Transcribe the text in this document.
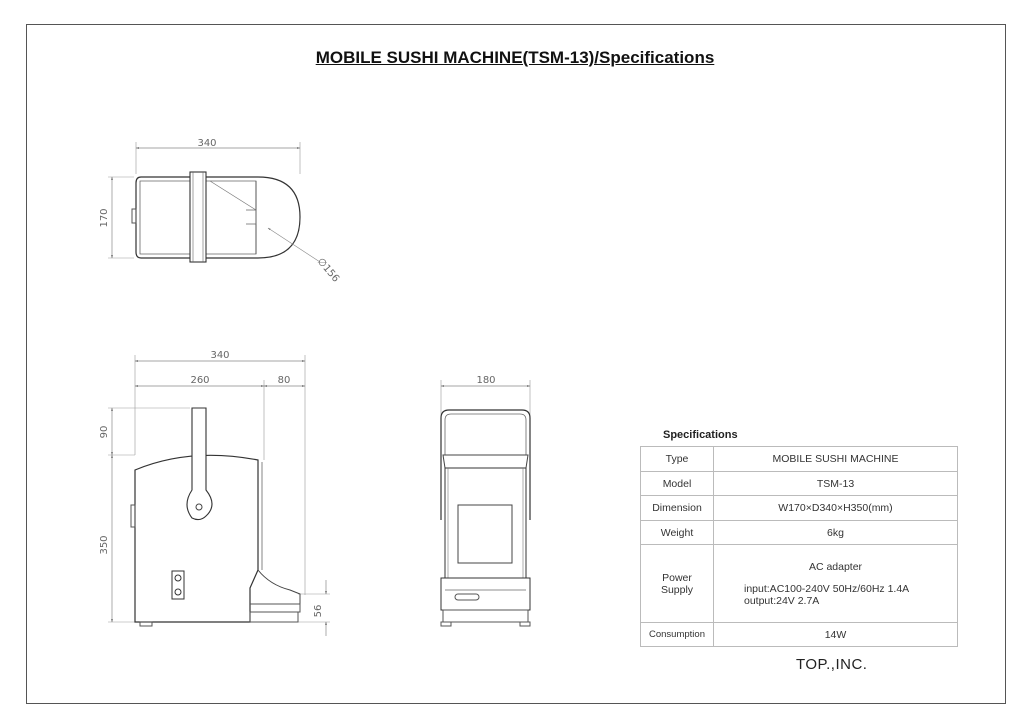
MOBILE SUSHI MACHINE(TSM-13)/Specifications
340
170
∅156
340
260	80
90
350
56
180
Specifications
Type	MOBILE SUSHI MACHINE
Model	TSM-13
Dimension	W170×D340×H350(mm)
Weight	6kg
Power Supply	AC adapter
input:AC100-240V 50Hz/60Hz 1.4A
output:24V 2.7A

Consumption	14W
TOP.,INC.
